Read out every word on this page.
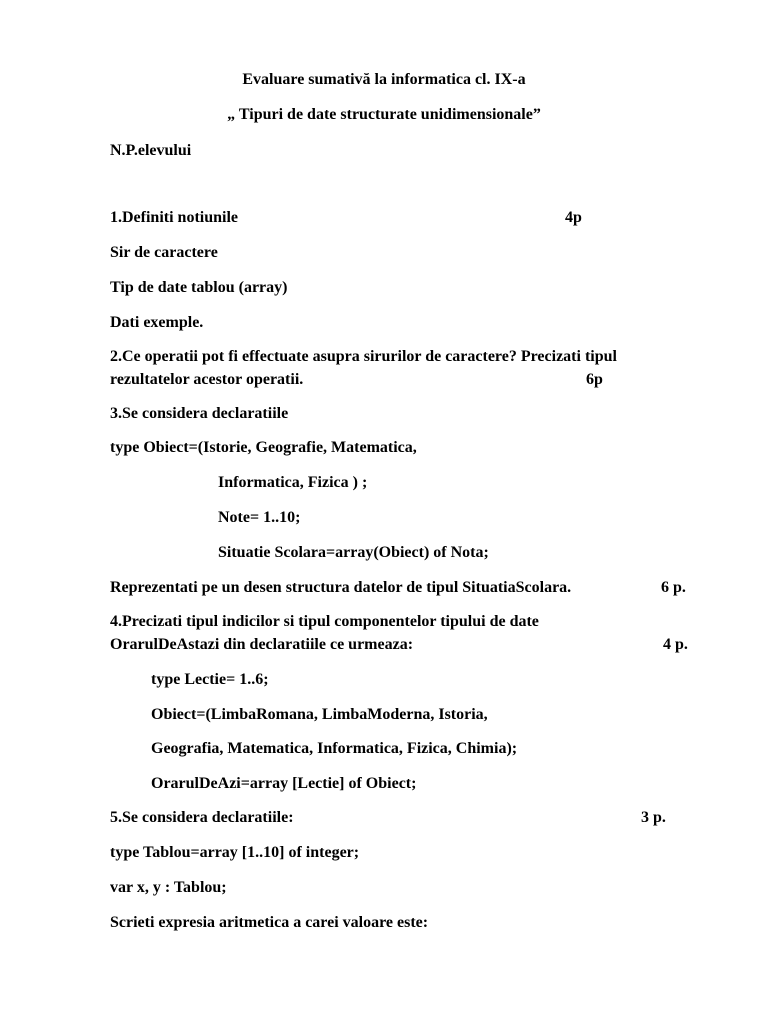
Evaluare sumativă la informatica cl. IX-a
„ Tipuri de date structurate unidimensionale”
N.P.elevului
1.Definiti notiunile	4p
Sir de caractere
Tip de date tablou (array)
Dati exemple.
2.Ce operatii pot fi effectuate asupra sirurilor de caractere? Precizati tipul
rezultatelor acestor operatii.	6p
3.Se considera declaratiile
type Obiect=(Istorie, Geografie, Matematica,
Informatica, Fizica ) ;
Note= 1..10;
Situatie Scolara=array(Obiect) of Nota;
Reprezentati pe un desen structura datelor de tipul SituatiaScolara.	6 p.
4.Precizati tipul indicilor si tipul componentelor tipului de date
OrarulDeAstazi din declaratiile ce urmeaza:	4 p.
type Lectie= 1..6;
Obiect=(LimbaRomana, LimbaModerna, Istoria,
Geografia, Matematica, Informatica, Fizica, Chimia);
OrarulDeAzi=array [Lectie] of Obiect;
5.Se considera declaratiile:	3 p.
type Tablou=array [1..10] of integer;
var x, y : Tablou;
Scrieti expresia aritmetica a carei valoare este:
